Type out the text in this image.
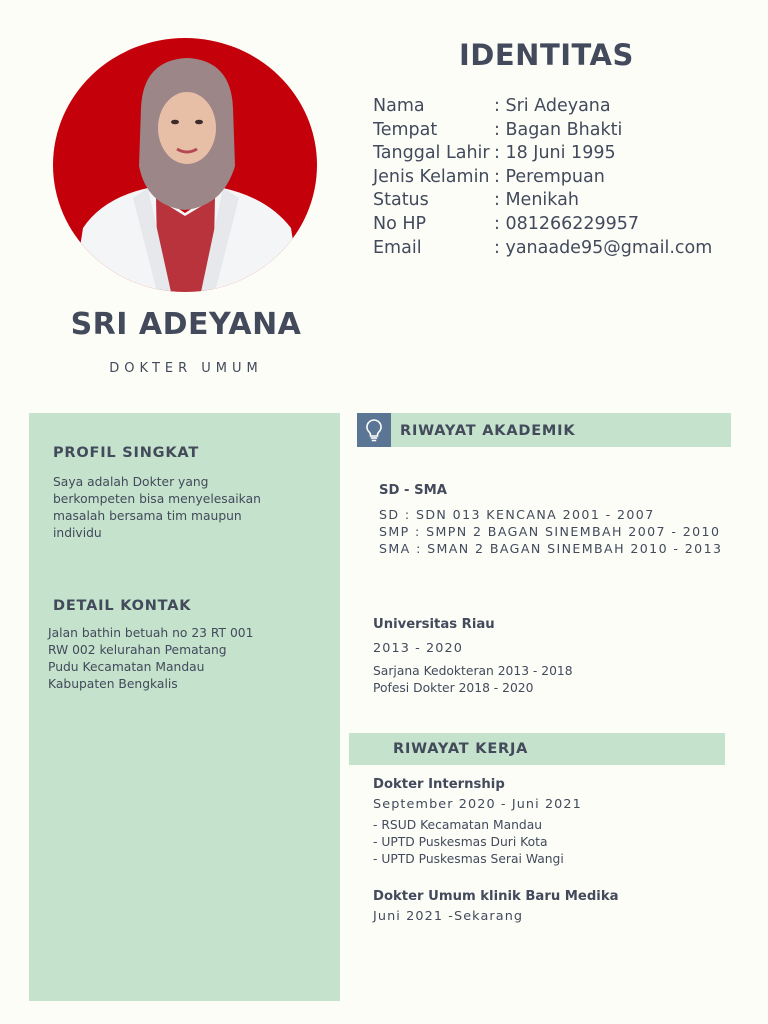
SRI ADEYANA
DOKTER UMUM
IDENTITAS
Nama	: Sri Adeyana
Tempat	: Bagan Bhakti
Tanggal Lahir : 18 Juni 1995
Jenis Kelamin : Perempuan
Status	: Menikah
No HP	: 081266229957
Email	: yanaade95@gmail.com
PROFIL SINGKAT
Saya adalah Dokter yang
berkompeten bisa menyelesaikan
masalah bersama tim maupun
individu
DETAIL KONTAK
Jalan bathin betuah no 23 RT 001
RW 002 kelurahan Pematang
Pudu Kecamatan Mandau
Kabupaten Bengkalis
RIWAYAT AKADEMIK
SD - SMA
SD : SDN 013 KENCANA 2001 - 2007
SMP : SMPN 2 BAGAN SINEMBAH 2007 - 2010
SMA : SMAN 2 BAGAN SINEMBAH 2010 - 2013
Universitas Riau
2013 - 2020
Sarjana Kedokteran 2013 - 2018
Pofesi Dokter 2018 - 2020
RIWAYAT KERJA
Dokter Internship
September 2020 - Juni 2021
- RSUD Kecamatan Mandau
- UPTD Puskesmas Duri Kota
- UPTD Puskesmas Serai Wangi
Dokter Umum klinik Baru Medika
Juni 2021 -Sekarang
